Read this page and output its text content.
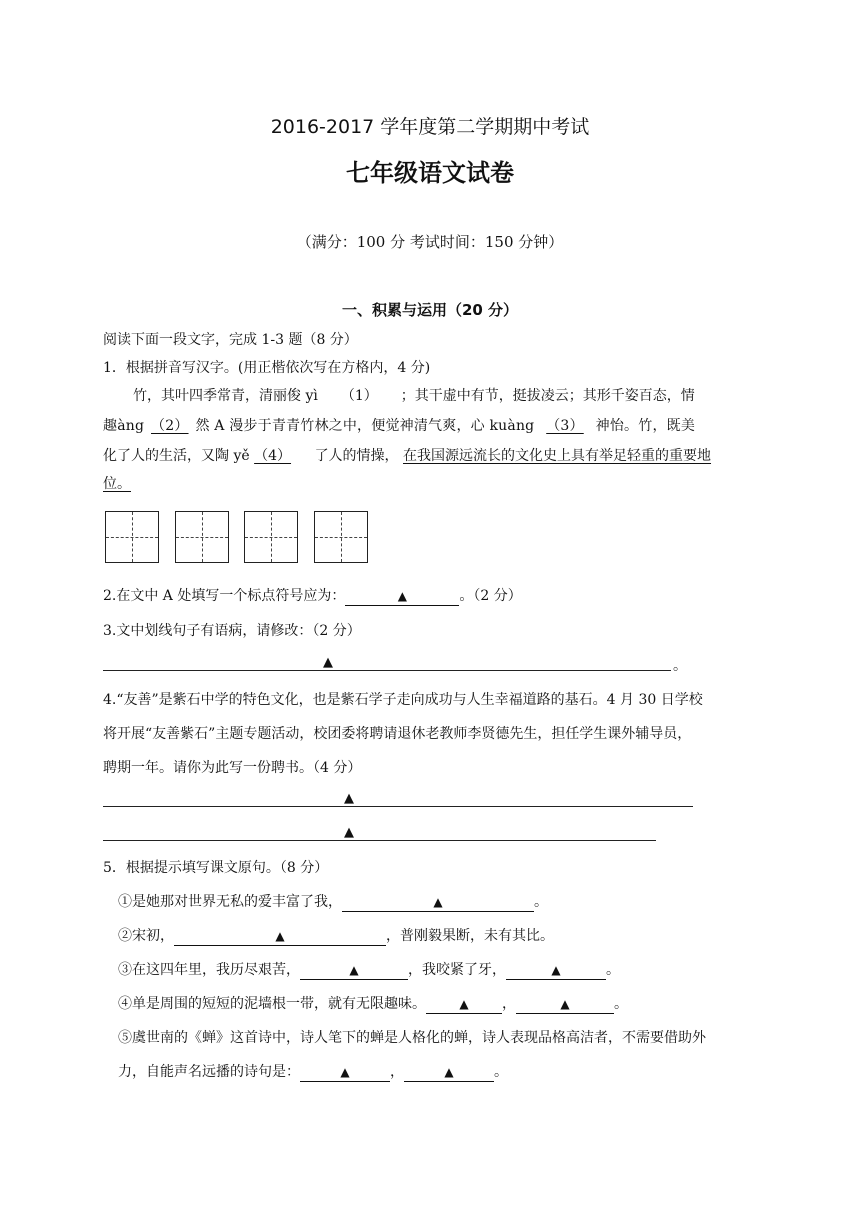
2016-2017 学年度第二学期期中考试
七年级语文试卷
（满分：100 分 考试时间：150 分钟）
一、积累与运用（20 分）
阅读下面一段文字，完成 1-3 题（8 分）
1．根据拼音写汉字。(用正楷依次写在方格内，4 分)
竹，其叶四季常青，清丽俊 yì （1） ；其干虚中有节，挺拔凌云；其形千姿百态，情
趣àng （2） 然 A 漫步于青青竹林之中，便觉神清气爽，心 kuàng （3） 神怡。竹，既美
化了人的生活，又陶 yě （4） 了人的情操， 在我国源远流长的文化史上具有举足轻重的重要地
位。
2.在文中 A 处填写一个标点符号应为：	▲	。（2 分）
3.文中划线句子有语病，请修改：（2 分）
▲	。
4.“友善”是紫石中学的特色文化，也是紫石学子走向成功与人生幸福道路的基石。4 月 30 日学校
将开展“友善紫石”主题专题活动，校团委将聘请退休老教师李贤德先生，担任学生课外辅导员，
聘期一年。请你为此写一份聘书。（4 分）
▲
▲
5．根据提示填写课文原句。（8 分）
①是她那对世界无私的爱丰富了我，	▲	。
②宋初，	▲	，普刚毅果断，未有其比。
③在这四年里，我历尽艰苦，	▲	，我咬紧了牙，	▲	。
④单是周围的短短的泥墙根一带，就有无限趣味。	▲ ，	▲	。
⑤虞世南的《蝉》这首诗中，诗人笔下的蝉是人格化的蝉，诗人表现品格高洁者，不需要借助外
力，自能声名远播的诗句是：	▲	，	▲	。
